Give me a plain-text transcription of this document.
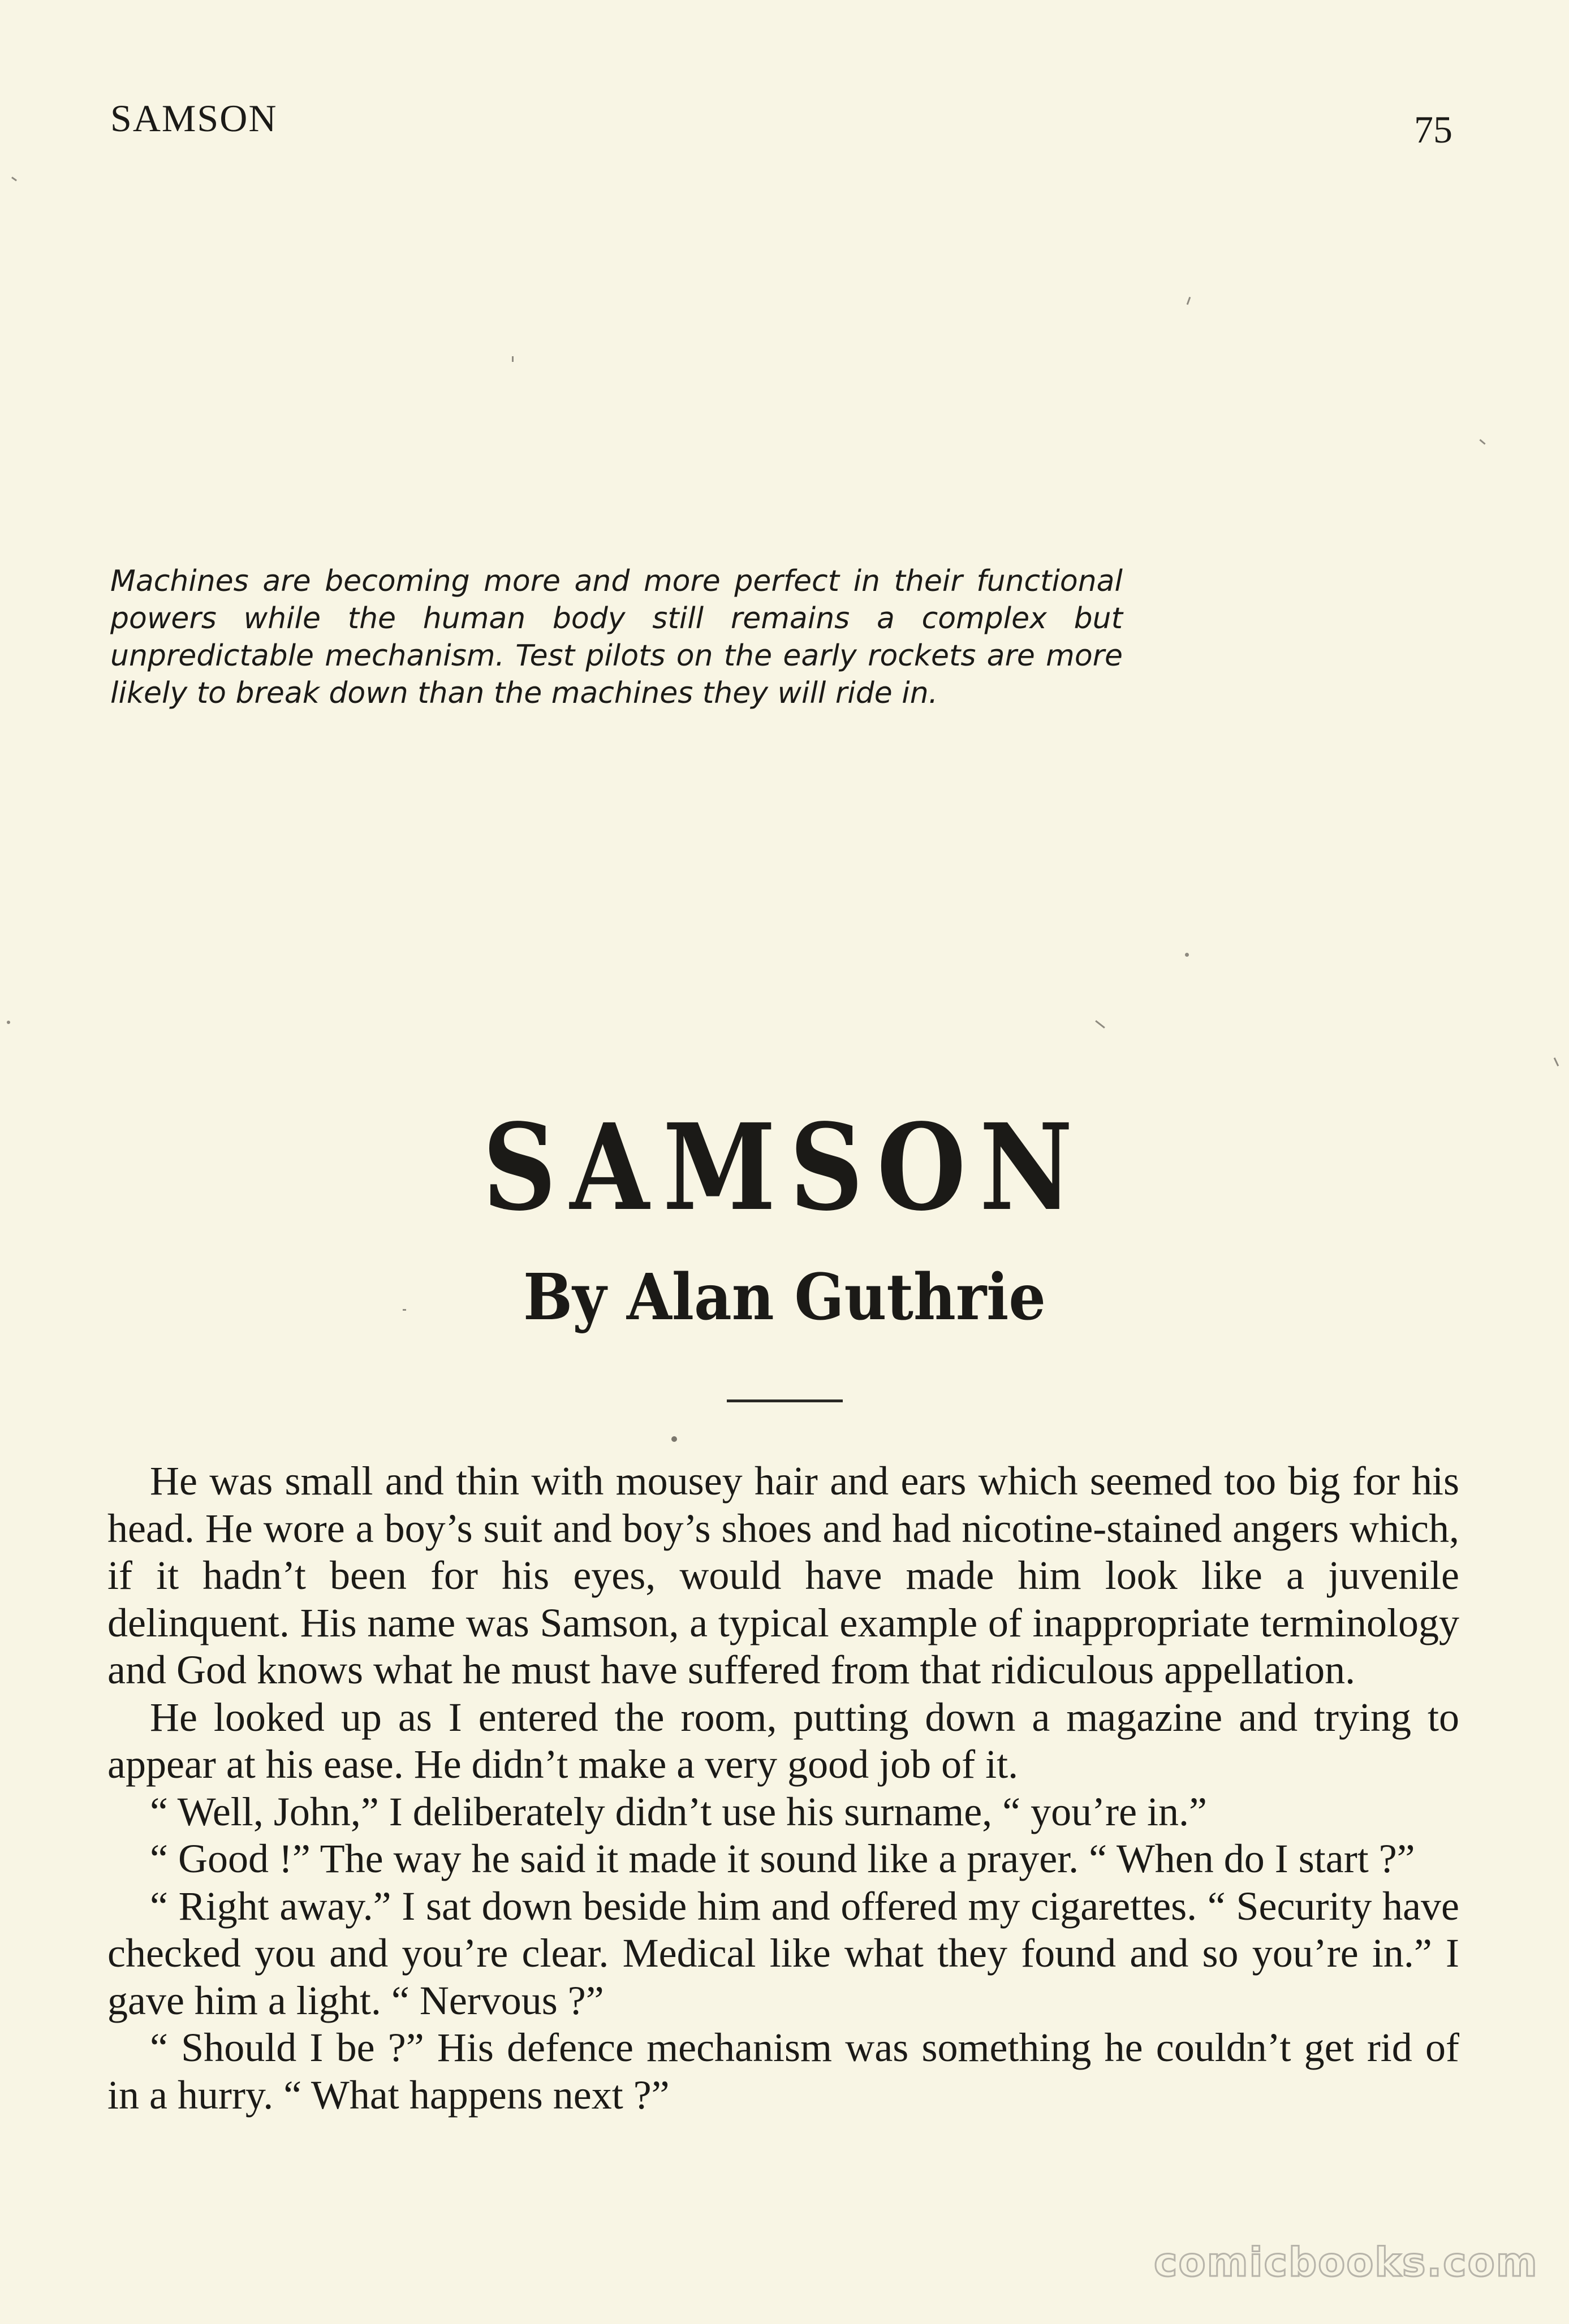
SAMSON	75
Machines are becoming more and more perfect in their functional powers while the human body still remains a complex but unpredictable mechanism. Test pilots on the early rockets are more likely to break down than the machines they will ride in.
SAMSON
By Alan Guthrie

He was small and thin with mousey hair and ears which seemed too big for his head. He wore a boy’s suit and boy’s shoes and had nicotine-stained angers which, if it hadn’t been for his eyes, would have made him look like a juvenile delinquent. His name was Samson, a typical example of inappropriate terminology and God knows what he must have suffered from that ridiculous appellation.

He looked up as I entered the room, putting down a magazine and trying to appear at his ease. He didn’t make a very good job of it.

“ Well, John,” I deliberately didn’t use his surname, “ you’re in.”

“ Good !” The way he said it made it sound like a prayer. “ When do I start ?”

“ Right away.” I sat down beside him and offered my cigarettes. “ Security have checked you and you’re clear. Medical like what they found and so you’re in.” I gave him a light. “ Nervous ?”

“ Should I be ?” His defence mechanism was something he couldn’t get rid of in a hurry. “ What happens next ?”

comicbooks.com
